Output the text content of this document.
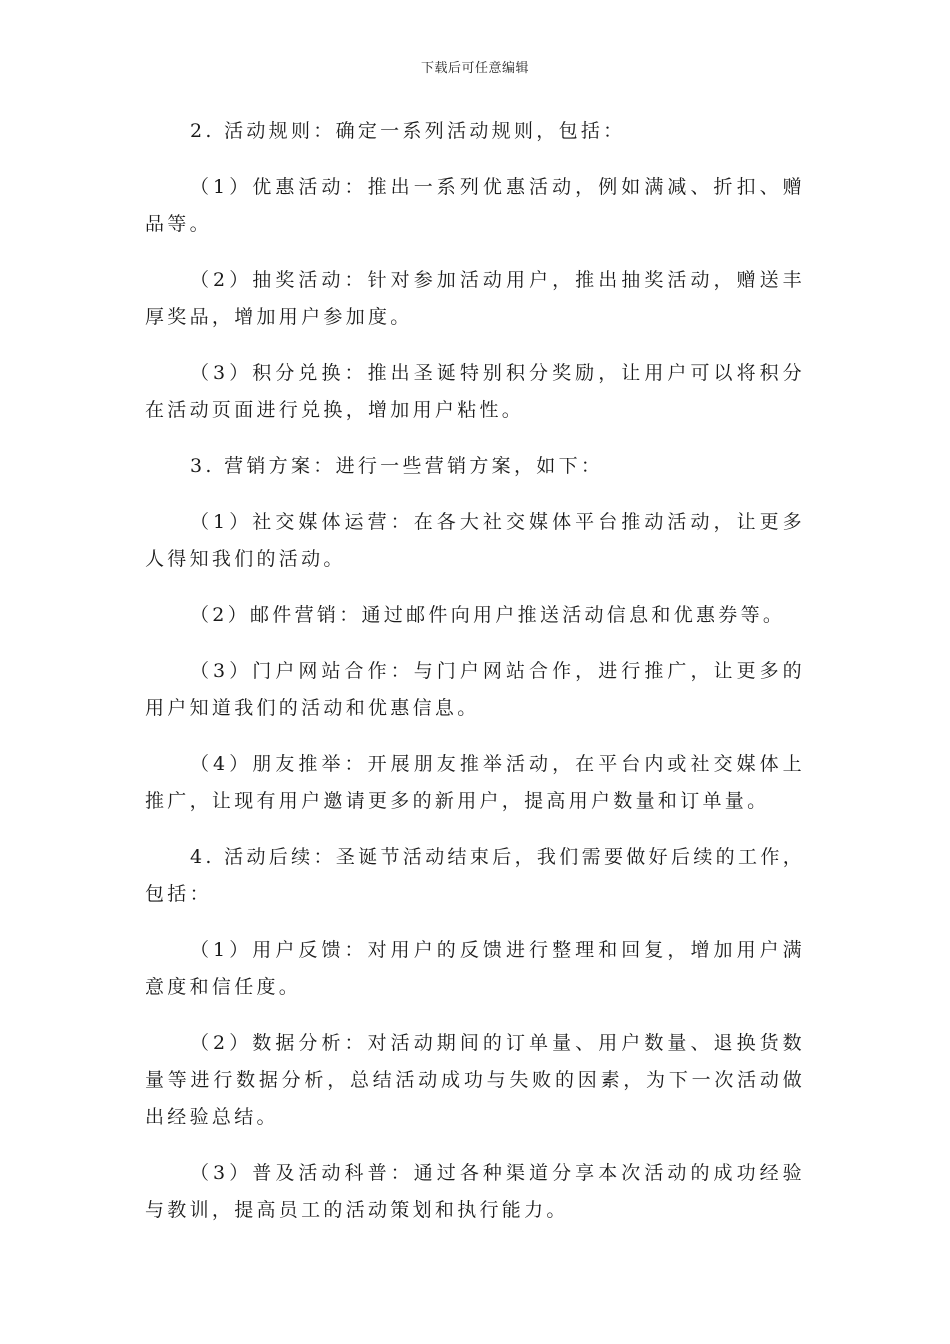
下载后可任意编辑

2. 活动规则：确定一系列活动规则，包括：

（1）优惠活动：推出一系列优惠活动，例如满减、折扣、赠品等。

（2）抽奖活动：针对参加活动用户，推出抽奖活动，赠送丰厚奖品，增加用户参加度。

（3）积分兑换：推出圣诞特别积分奖励，让用户可以将积分在活动页面进行兑换，增加用户粘性。

3. 营销方案：进行一些营销方案，如下：

（1）社交媒体运营：在各大社交媒体平台推动活动，让更多人得知我们的活动。

（2）邮件营销：通过邮件向用户推送活动信息和优惠券等。

（3）门户网站合作：与门户网站合作，进行推广，让更多的用户知道我们的活动和优惠信息。

（4）朋友推举：开展朋友推举活动，在平台内或社交媒体上推广，让现有用户邀请更多的新用户，提高用户数量和订单量。

4. 活动后续：圣诞节活动结束后，我们需要做好后续的工作，包括：

（1）用户反馈：对用户的反馈进行整理和回复，增加用户满意度和信任度。

（2）数据分析：对活动期间的订单量、用户数量、退换货数量等进行数据分析，总结活动成功与失败的因素，为下一次活动做出经验总结。

（3）普及活动科普：通过各种渠道分享本次活动的成功经验与教训，提高员工的活动策划和执行能力。
